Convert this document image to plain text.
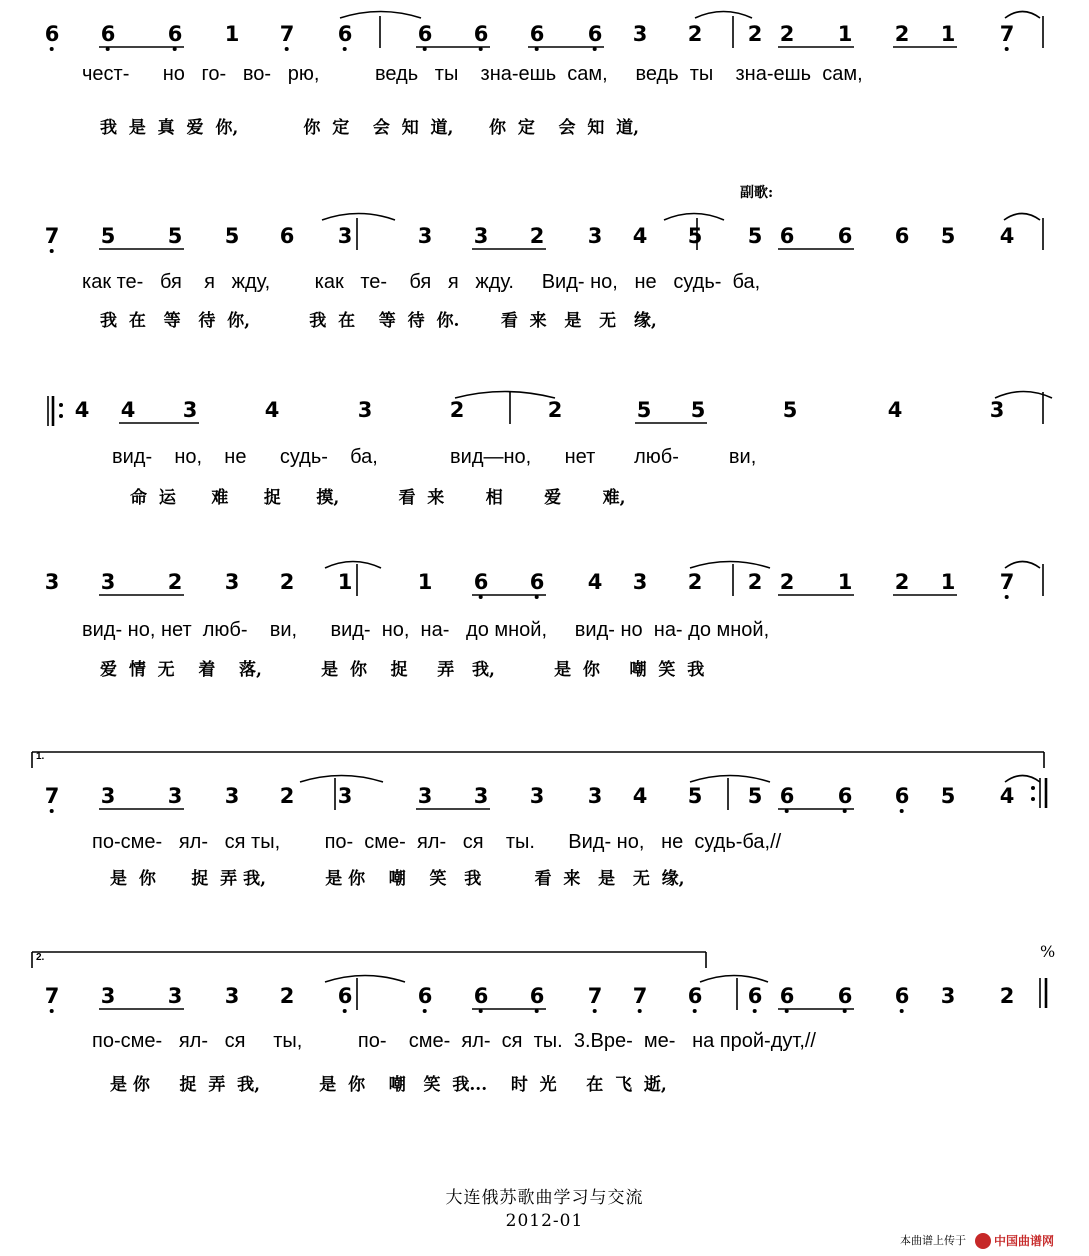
6 6 6 1 7 6	6 6 6 6 3 2 2 2 1 2 1 7
чест-      но   го-   во-   рю,          ведь   ты    зна-ешь  сам,     ведь  ты    зна-ешь  сам,
我  是  真  爱  你,           你  定    会  知  道,      你  定    会  知  道,
7 5 5 5 6 3	3 3 2 3 4 5 5 6 6 6 5 4
как те-   бя    я   жду,        как   те-    бя   я   жду.     Вид- но,   не   судь-  ба,
我  在   等   待  你,          我  在    等  待  你.       看  来   是   无   缘,
4 4 3	4	3	2	2	5 5	5	4	3
вид-    но,    не      судь-    ба,             вид—но,      нет       люб-         ви,
命  运      难      捉      摸,          看  来       相       爱       难,
3 3 2 3 2 1	1 6 6 4 3 2 2 2 1 2 1 7
вид- но, нет  люб-    ви,      вид-  но,  на-   до мной,     вид- но  на- до мной,
爱  情  无    着    落,          是  你    捉     弄   我,          是  你     嘲  笑  我
7 3 3 3 2 3	3 3 3 3 4 5 5 6 6 6 5 4
по-сме-   ял-   ся ты,        по-  сме-  ял-   ся    ты.      Вид- но,   не  судь-ба,//
是  你      捉  弄 我,          是 你    嘲    笑   我         看  来   是   无  缘,
7 3 3 3 2 6	6 6 6 7 7 6 6 6 6 6 3 2
по-сме-   ял-   ся     ты,          по-    сме-  ял-  ся  ты.  3.Вре-  ме-   на прой-дут,//
是 你     捉  弄  我,          是  你    嘲   笑  我...    时  光     在  飞  逝,
副歌:
1.
2.	%
大连俄苏歌曲学习与交流
2012-01
本曲谱上传于 中国曲谱网
